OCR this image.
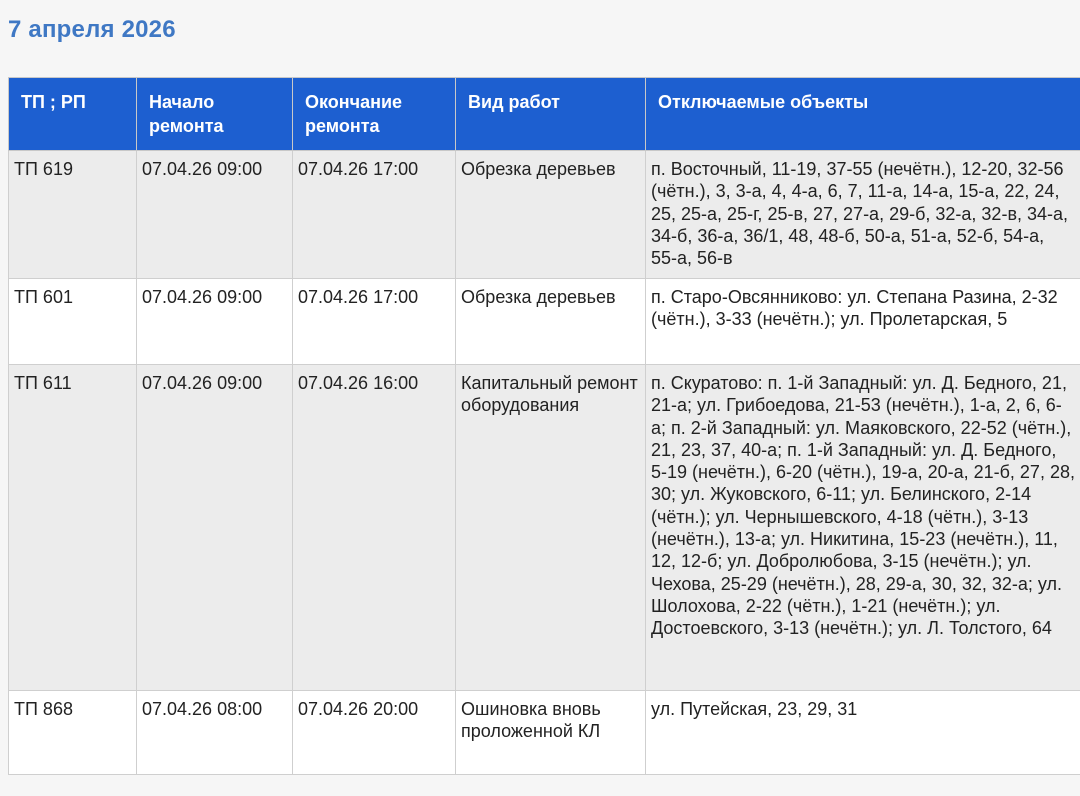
7 апреля 2026
ТП ; РП	Начало ремонта	Окончание ремонта	Вид работ	Отключаемые объекты
ТП 619	07.04.26 09:00	07.04.26 17:00	Обрезка деревьев	п. Восточный, 11-19, 37-55 (нечётн.), 12-20, 32-56 (чётн.), 3, 3-а, 4, 4-а, 6, 7, 11-а, 14-а, 15-а, 22, 24, 25, 25-а, 25-г, 25-в, 27, 27-а, 29-б, 32-а, 32-в, 34-а, 34-б, 36-а, 36/1, 48, 48-б, 50-а, 51-а, 52-б, 54-а, 55-а, 56-в
ТП 601	07.04.26 09:00	07.04.26 17:00	Обрезка деревьев	п. Старо-Овсянниково: ул. Степана Разина, 2-32 (чётн.), 3-33 (нечётн.); ул. Пролетарская, 5
ТП 611	07.04.26 09:00	07.04.26 16:00	Капитальный ремонт оборудования	п. Скуратово: п. 1-й Западный: ул. Д. Бедного, 21, 21-а; ул. Грибоедова, 21-53 (нечётн.), 1-а, 2, 6, 6-а; п. 2-й Западный: ул. Маяковского, 22-52 (чётн.), 21, 23, 37, 40-а; п. 1-й Западный: ул. Д. Бедного, 5-19 (нечётн.), 6-20 (чётн.), 19-а, 20-а, 21-б, 27, 28, 30; ул. Жуковского, 6-11; ул. Белинского, 2-14 (чётн.); ул. Чернышевского, 4-18 (чётн.), 3-13 (нечётн.), 13-а; ул. Никитина, 15-23 (нечётн.), 11, 12, 12-б; ул. Добролюбова, 3-15 (нечётн.); ул. Чехова, 25-29 (нечётн.), 28, 29-а, 30, 32, 32-а; ул. Шолохова, 2-22 (чётн.), 1-21 (нечётн.); ул. Достоевского, 3-13 (нечётн.); ул. Л. Толстого, 64
ТП 868	07.04.26 08:00	07.04.26 20:00	Ошиновка вновь проложенной КЛ	ул. Путейская, 23, 29, 31
